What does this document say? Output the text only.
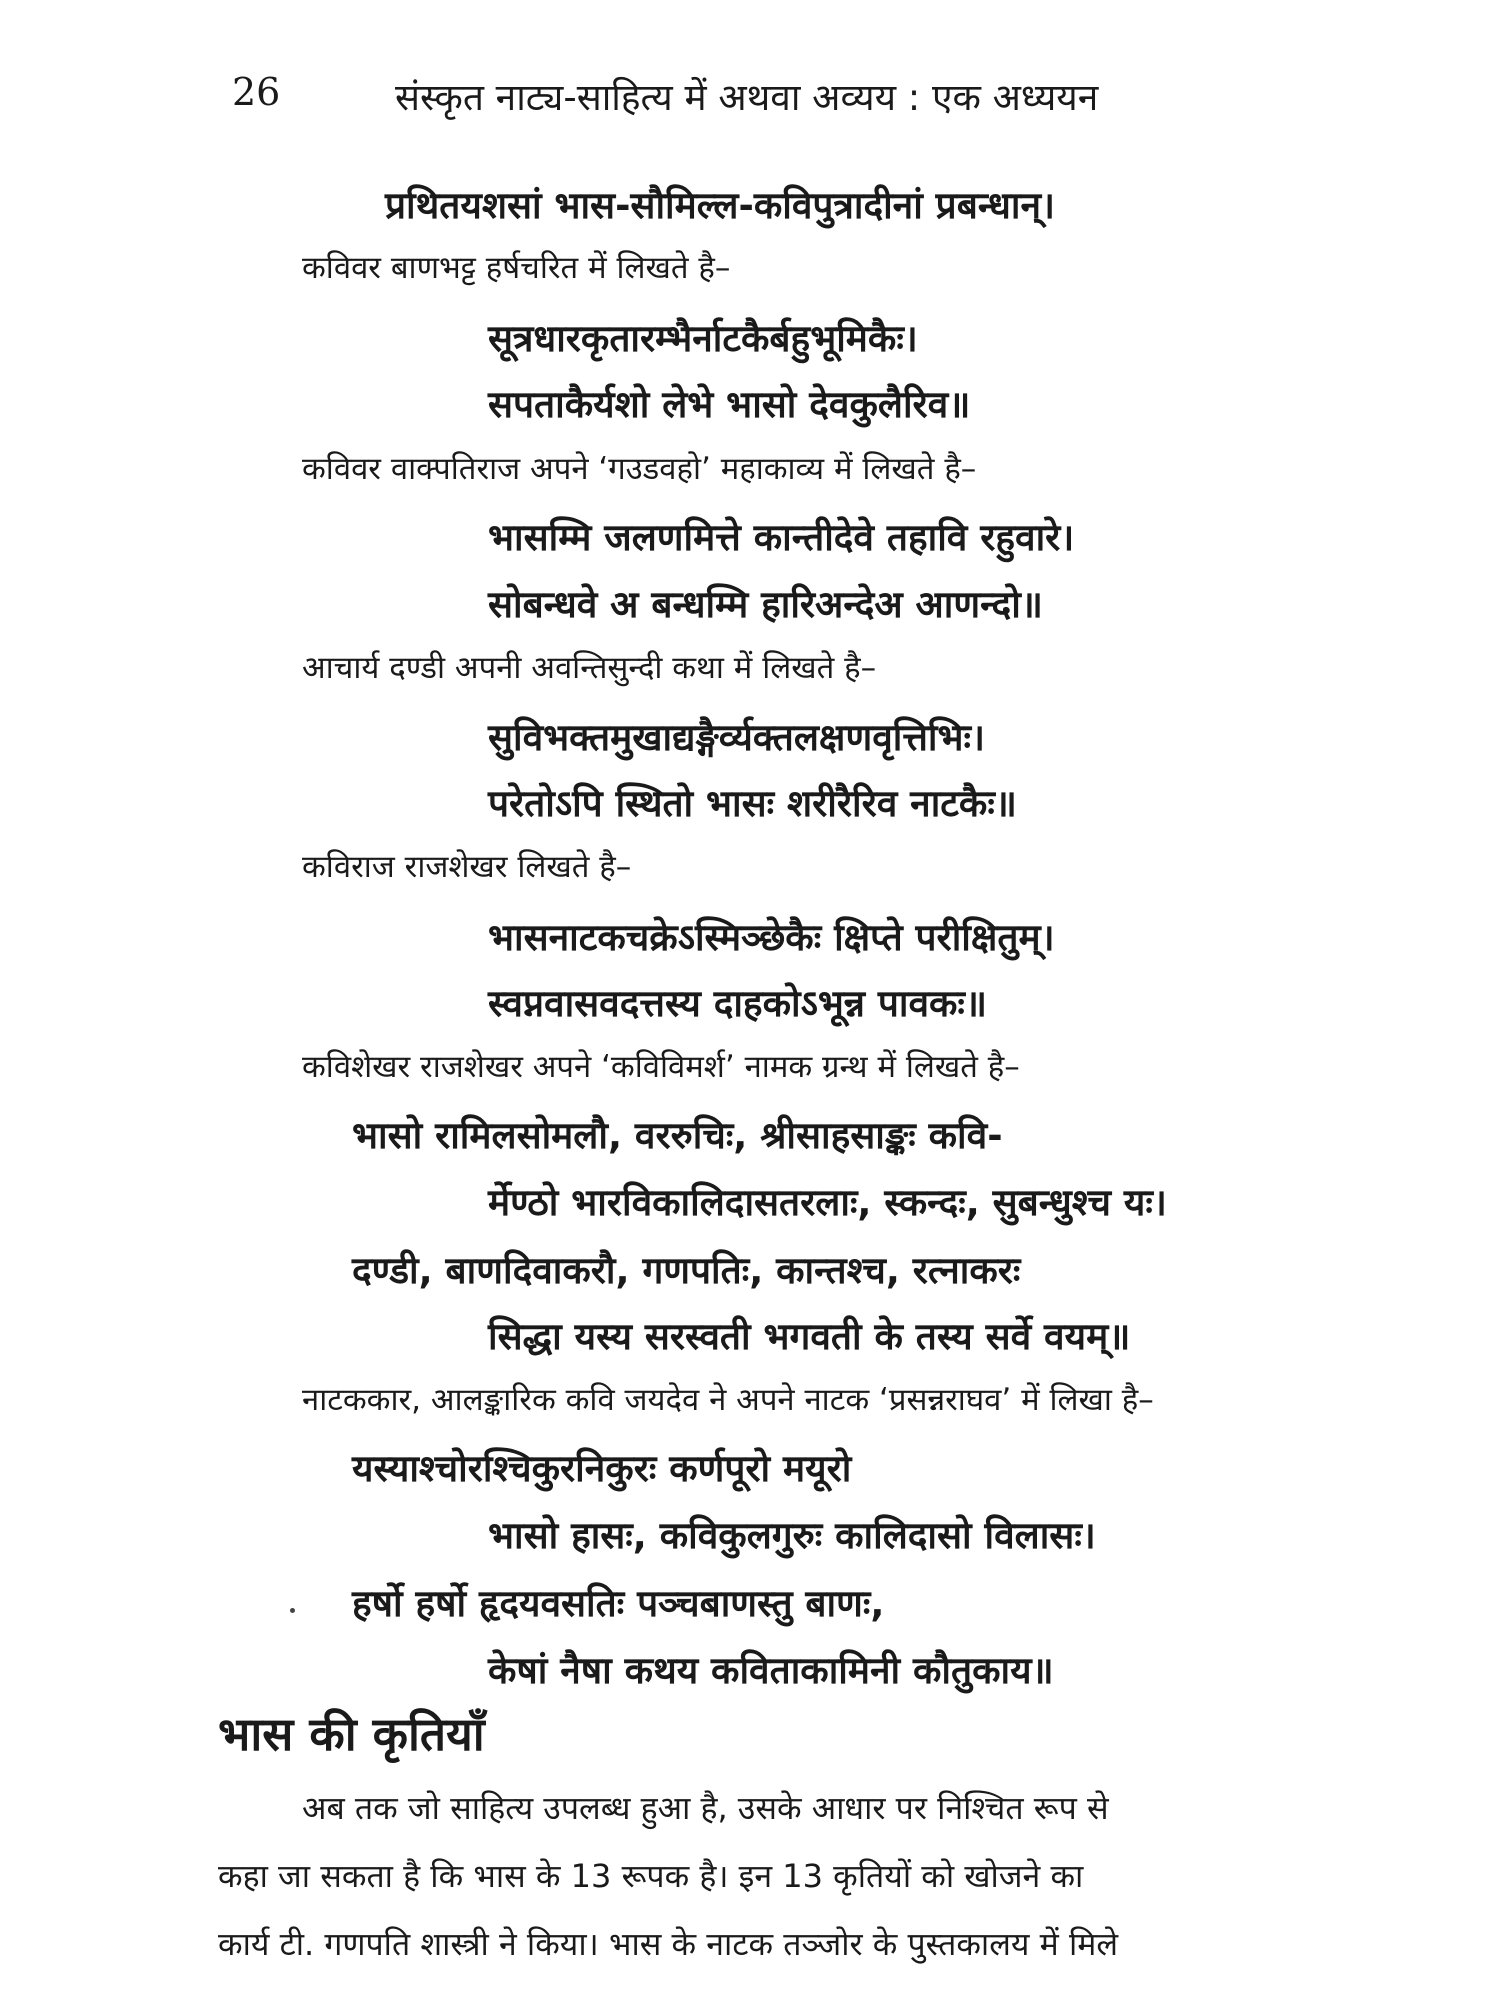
26	संस्कृत नाट्य-साहित्य में अथवा अव्यय : एक अध्ययन
प्रथितयशसां भास-सौमिल्ल-कविपुत्रादीनां प्रबन्धान्।
कविवर बाणभट्ट हर्षचरित में लिखते है–
सूत्रधारकृतारम्भैर्नाटकैर्बहुभूमिकैः।
सपताकैर्यशो लेभे भासो देवकुलैरिव॥
कविवर वाक्पतिराज अपने ‘गउडवहो’ महाकाव्य में लिखते है–
भासम्मि जलणमित्ते कान्तीदेवे तहावि रहुवारे।
सोबन्धवे अ बन्धम्मि हारिअन्देअ आणन्दो॥
आचार्य दण्डी अपनी अवन्तिसुन्दी कथा में लिखते है–
सुविभक्तमुखाद्यङ्गैर्व्यक्तलक्षणवृत्तिभिः।
परेतोऽपि स्थितो भासः शरीरैरिव नाटकैः॥
कविराज राजशेखर लिखते है–
भासनाटकचक्रेऽस्मिञ्छेकैः क्षिप्ते परीक्षितुम्।
स्वप्नवासवदत्तस्य दाहकोऽभून्न पावकः॥
कविशेखर राजशेखर अपने ‘कविविमर्श’ नामक ग्रन्थ में लिखते है–
भासो रामिलसोमलौ, वररुचिः, श्रीसाहसाङ्कः कवि-
र्मेण्ठो भारविकालिदासतरलाः, स्कन्दः, सुबन्धुश्च यः।
दण्डी, बाणदिवाकरौ, गणपतिः, कान्तश्च, रत्नाकरः
सिद्धा यस्य सरस्वती भगवती के तस्य सर्वे वयम्॥
नाटककार, आलङ्कारिक कवि जयदेव ने अपने नाटक ‘प्रसन्नराघव’ में लिखा है–
यस्याश्चोरश्चिकुरनिकुरः कर्णपूरो मयूरो
भासो हासः, कविकुलगुरुः कालिदासो विलासः।
हर्षो हर्षो हृदयवसतिः पञ्चबाणस्तु बाणः,
केषां नैषा कथय कविताकामिनी कौतुकाय॥
भास की कृतियाँ
अब तक जो साहित्य उपलब्ध हुआ है, उसके आधार पर निश्चित रूप से
कहा जा सकता है कि भास के 13 रूपक है। इन 13 कृतियों को खोजने का
कार्य टी. गणपति शास्त्री ने किया। भास के नाटक तञ्जोर के पुस्तकालय में मिले
